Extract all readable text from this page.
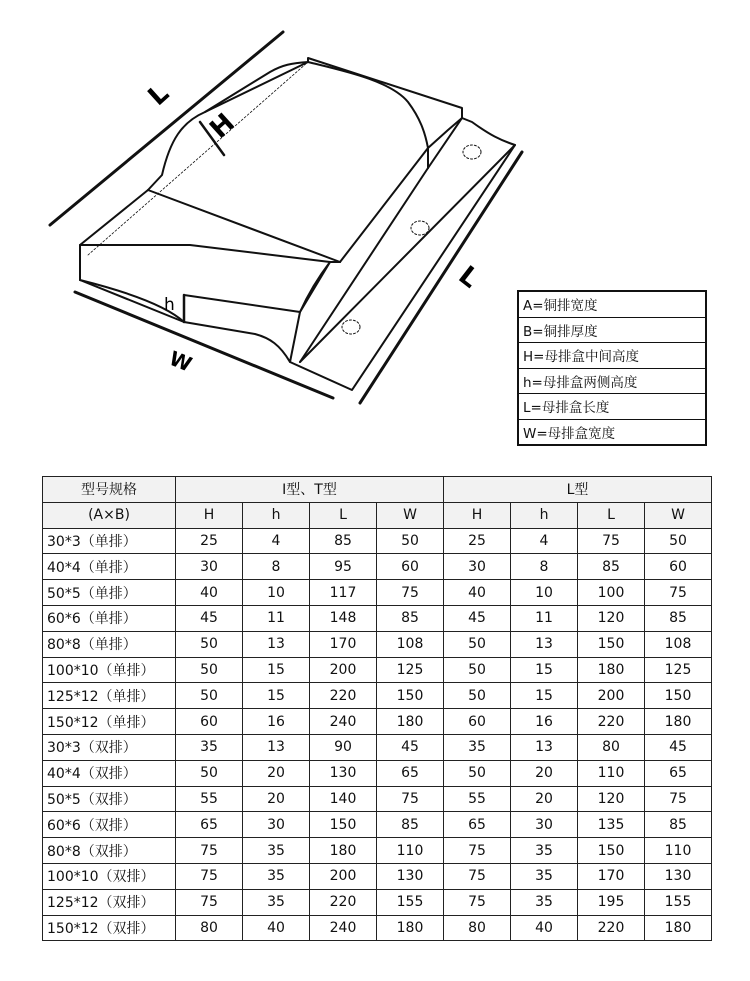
L
H
h
W
L
A=铜排宽度
B=铜排厚度
H=母排盒中间高度
h=母排盒两侧高度
L=母排盒长度
W=母排盒宽度
型号规格	I型、T型				L型			
(A×B)	H	h	L	W	H	h	L	W
30*3（单排）	25	4	85	50	25	4	75	50
40*4（单排）	30	8	95	60	30	8	85	60
50*5（单排）	40	10	117	75	40	10	100	75
60*6（单排）	45	11	148	85	45	11	120	85
80*8（单排）	50	13	170	108	50	13	150	108
100*10（单排）	50	15	200	125	50	15	180	125
125*12（单排）	50	15	220	150	50	15	200	150
150*12（单排）	60	16	240	180	60	16	220	180
30*3（双排）	35	13	90	45	35	13	80	45
40*4（双排）	50	20	130	65	50	20	110	65
50*5（双排）	55	20	140	75	55	20	120	75
60*6（双排）	65	30	150	85	65	30	135	85
80*8（双排）	75	35	180	110	75	35	150	110
100*10（双排）	75	35	200	130	75	35	170	130
125*12（双排）	75	35	220	155	75	35	195	155
150*12（双排）	80	40	240	180	80	40	220	180
